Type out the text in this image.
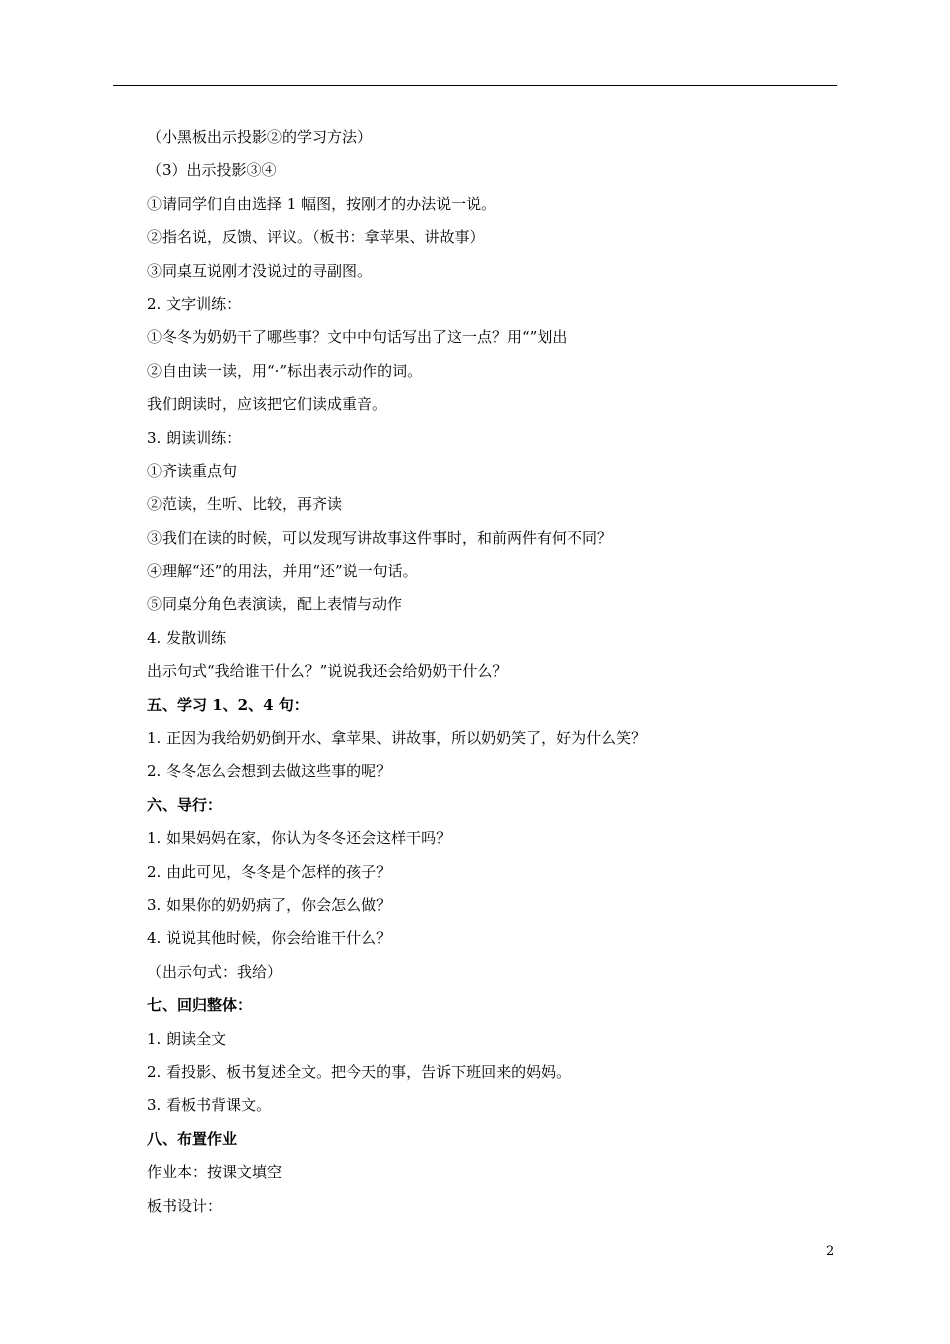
（小黑板出示投影②的学习方法）
（3）出示投影③④
①请同学们自由选择 1 幅图，按刚才的办法说一说。
②指名说，反馈、评议。（板书：拿苹果、讲故事）
③同桌互说刚才没说过的寻副图。
2. 文字训练：
①冬冬为奶奶干了哪些事？文中中句话写出了这一点？用“”划出
②自由读一读，用“·”标出表示动作的词。
我们朗读时，应该把它们读成重音。
3. 朗读训练：
①齐读重点句
②范读，生听、比较，再齐读
③我们在读的时候，可以发现写讲故事这件事时，和前两件有何不同？
④理解“还”的用法，并用“还”说一句话。
⑤同桌分角色表演读，配上表情与动作
4. 发散训练
出示句式“我给谁干什么？”说说我还会给奶奶干什么？
五、学习 1、2、4 句：
1. 正因为我给奶奶倒开水、拿苹果、讲故事，所以奶奶笑了，好为什么笑？
2. 冬冬怎么会想到去做这些事的呢？
六、导行：
1. 如果妈妈在家，你认为冬冬还会这样干吗？
2. 由此可见，冬冬是个怎样的孩子？
3. 如果你的奶奶病了，你会怎么做？
4. 说说其他时候，你会给谁干什么？
（出示句式：我给）
七、回归整体：
1. 朗读全文
2. 看投影、板书复述全文。把今天的事，告诉下班回来的妈妈。
3. 看板书背课文。
八、布置作业
作业本：按课文填空
板书设计：
2
